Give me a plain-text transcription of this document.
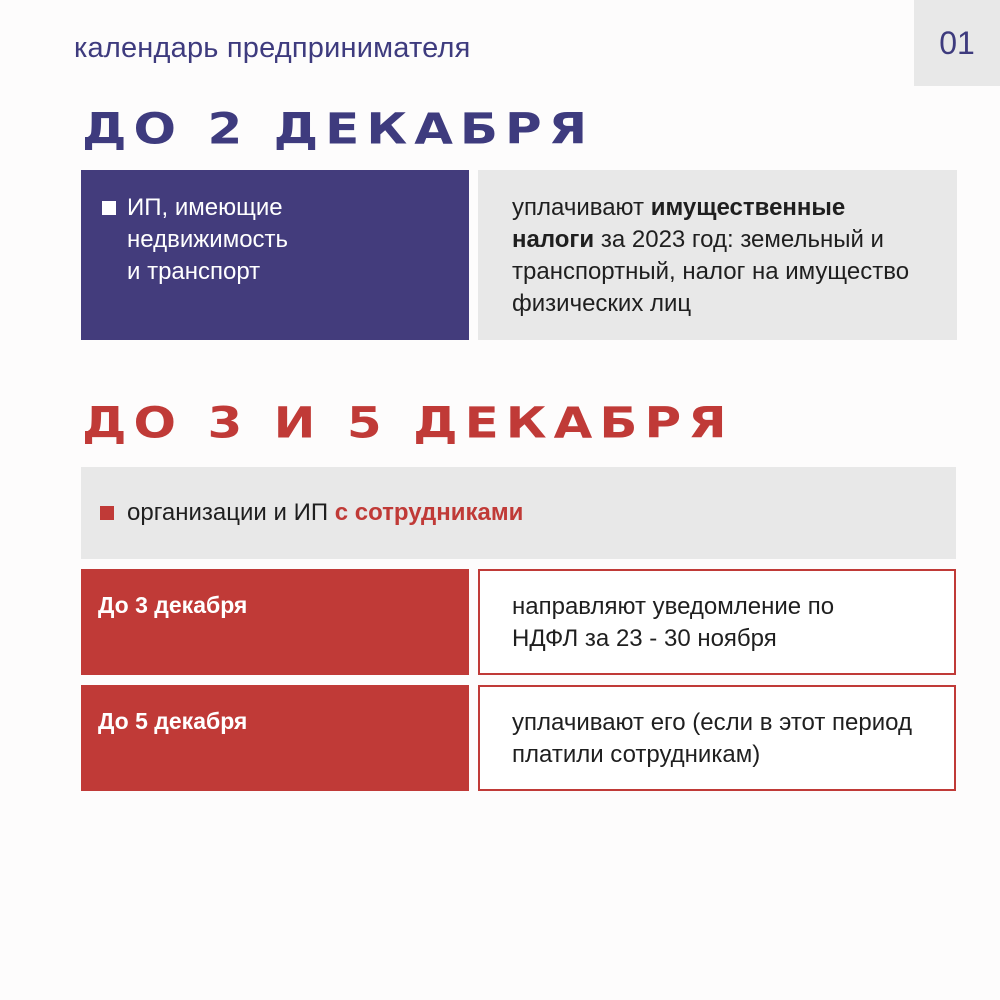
календарь предпринимателя	01
ДО 2 ДЕКАБРЯ
ИП, имеющие
недвижимость
и транспорт
уплачивают имущественные налоги за 2023 год: земельный и транспортный, налог на имущество физических лиц
ДО 3 И 5 ДЕКАБРЯ
организации и ИП с сотрудниками
До 3 декабря	направляют уведомление по НДФЛ за 23 - 30 ноября
До 5 декабря	уплачивают его (если в этот период платили сотрудникам)
